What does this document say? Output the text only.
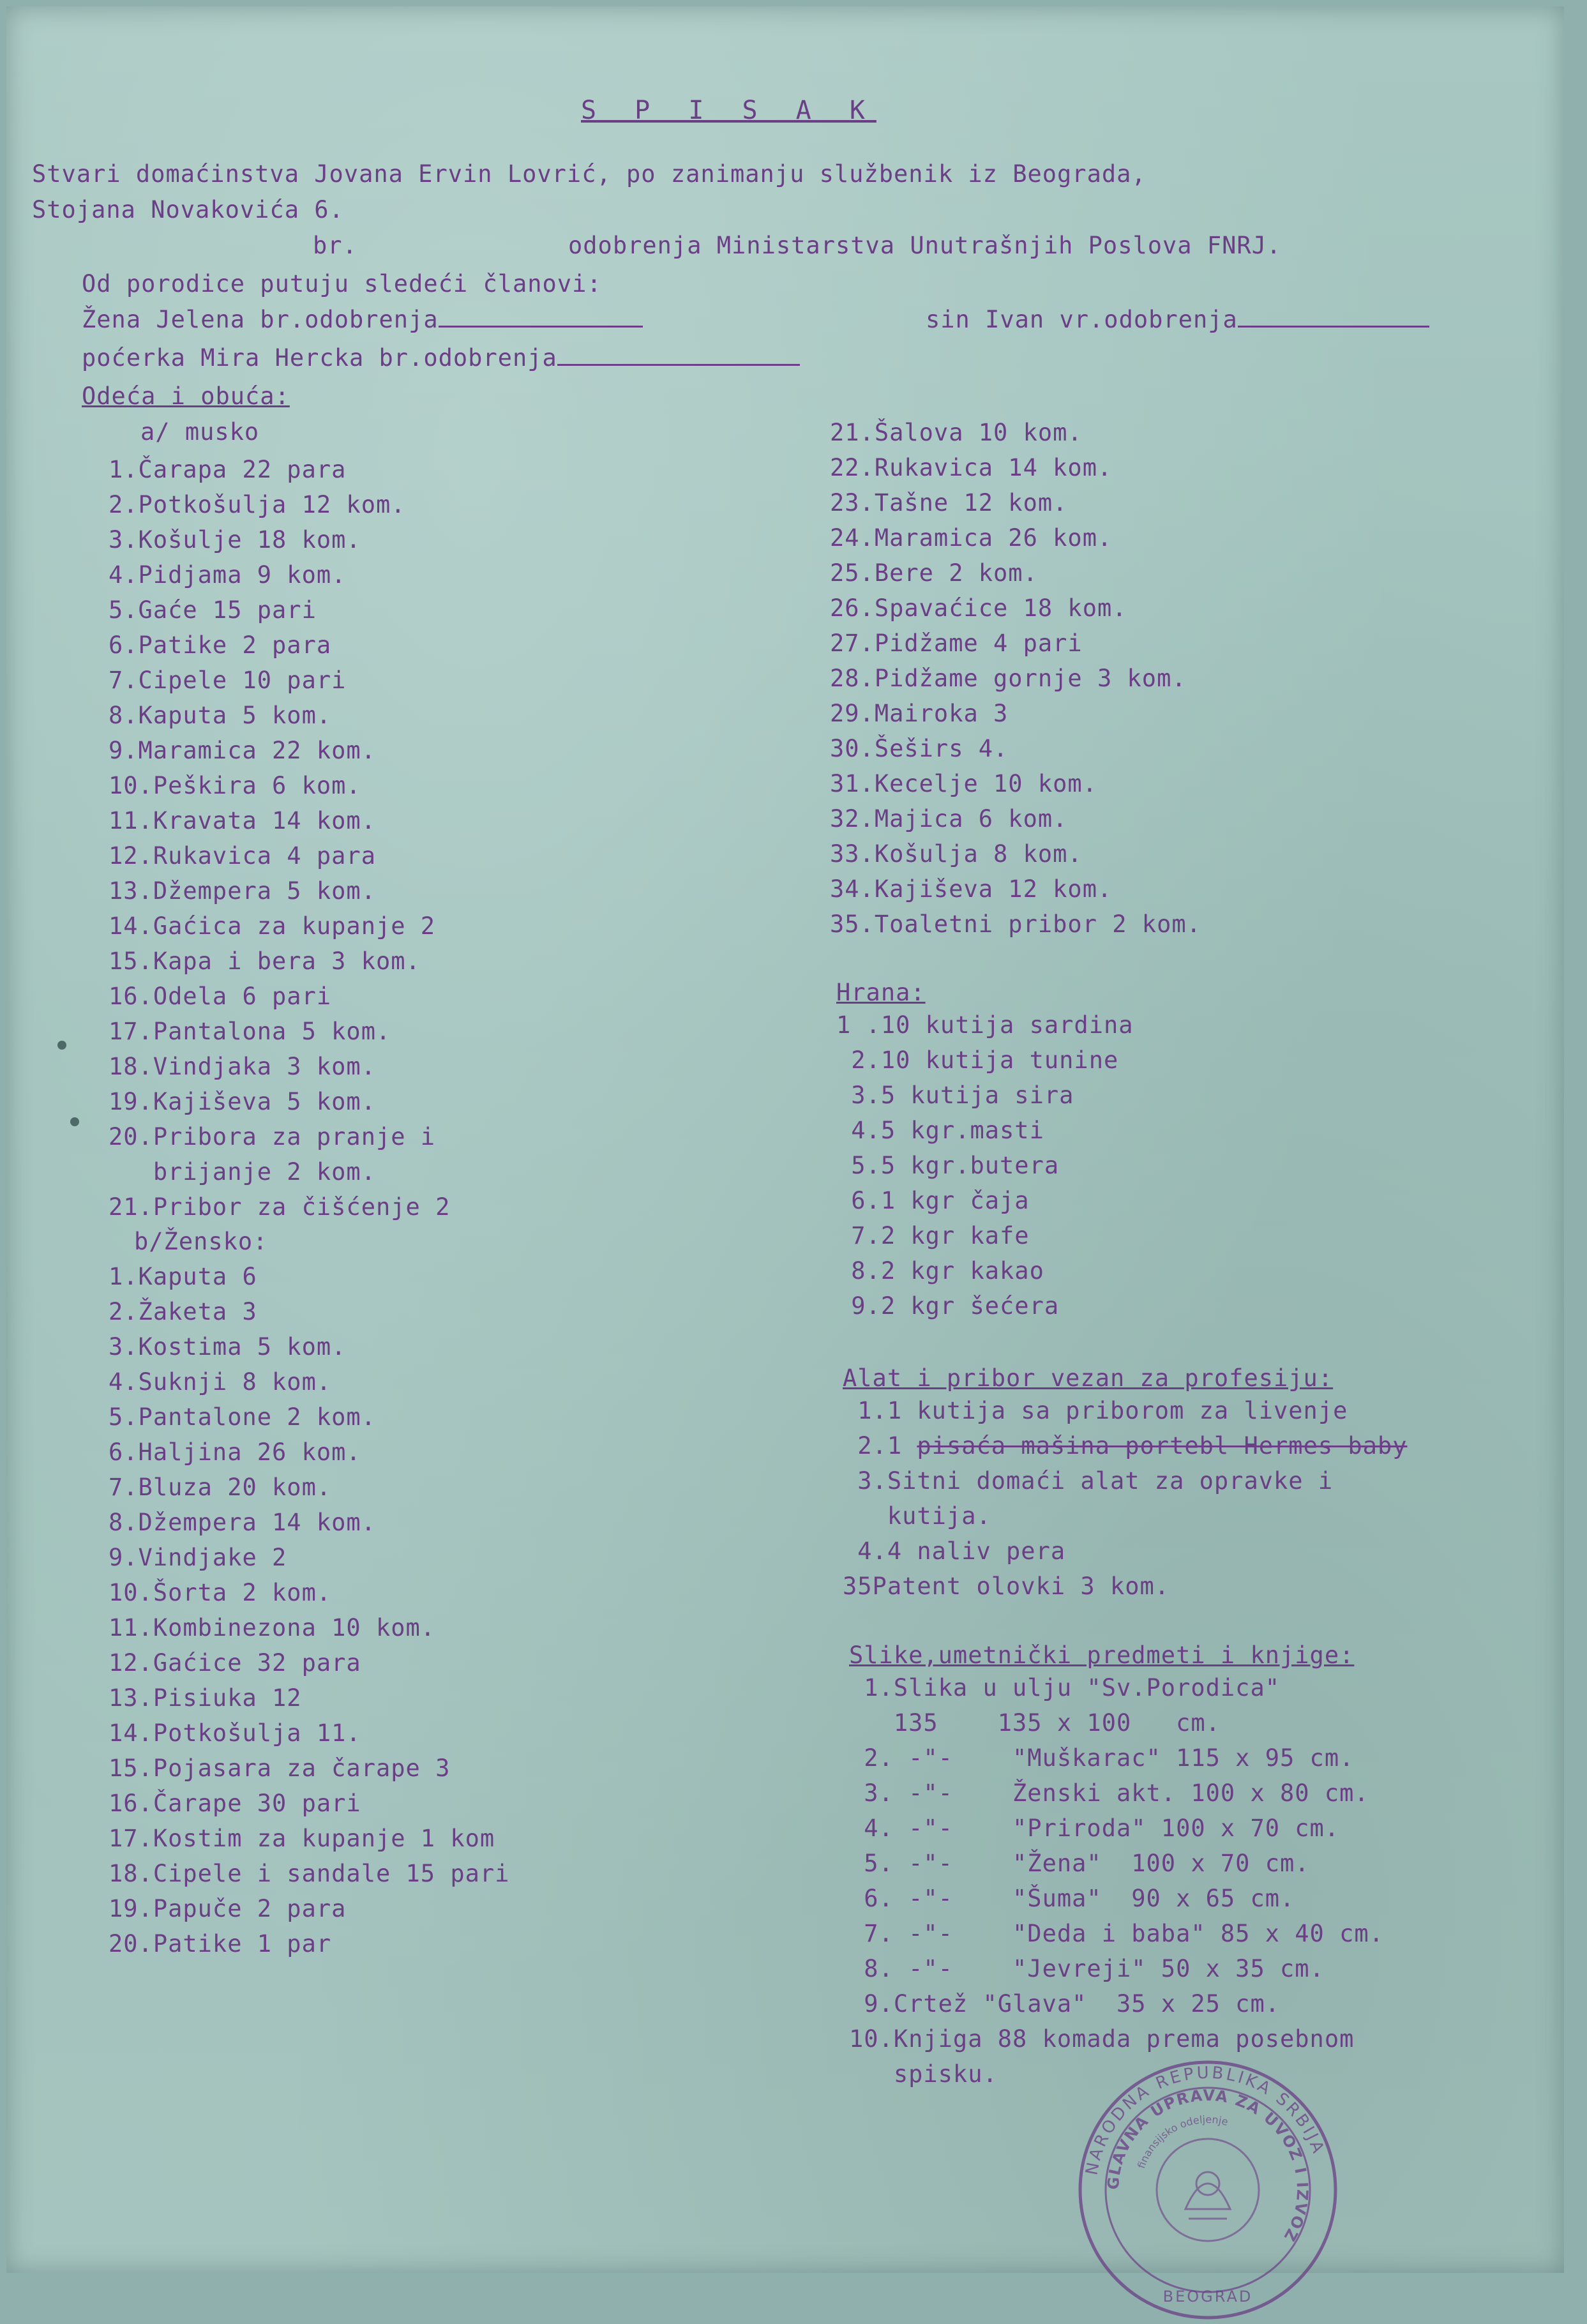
S P I S A K
Stvari domaćinstva Jovana Ervin Lovrić, po zanimanju službenik iz Beograda,
Stojana Novakovića 6.
br.	odobrenja Ministarstva Unutrašnjih Poslova FNRJ.
Od porodice putuju sledeći članovi:
Žena Jelena br.odobrenja	sin Ivan vr.odobrenja
poćerka Mira Hercka br.odobrenja
Odeća i obuća:
a/ musko
1.Čarapa 22 para
2.Potkošulja 12 kom.
3.Košulje 18 kom.
4.Pidjama 9 kom.
5.Gaće 15 pari
6.Patike 2 para
7.Cipele 10 pari
8.Kaputa 5 kom.
9.Maramica 22 kom.
10.Peškira 6 kom.
11.Kravata 14 kom.
12.Rukavica 4 para
13.Džempera 5 kom.
14.Gaćica za kupanje 2
15.Kapa i bera 3 kom.
16.Odela 6 pari
17.Pantalona 5 kom.
18.Vindjaka 3 kom.
19.Kajiševa 5 kom.
20.Pribora za pranje i
brijanje 2 kom.
21.Pribor za čišćenje 2
b/Žensko:
1.Kaputa 6
2.Žaketa 3
3.Kostima 5 kom.
4.Suknji 8 kom.
5.Pantalone 2 kom.
6.Haljina 26 kom.
7.Bluza 20 kom.
8.Džempera 14 kom.
9.Vindjake 2
10.Šorta 2 kom.
11.Kombinezona 10 kom.
12.Gaćice 32 para
13.Pisiuka 12
14.Potkošulja 11.
15.Pojasara za čarape 3
16.Čarape 30 pari
17.Kostim za kupanje 1 kom
18.Cipele i sandale 15 pari
19.Papuče 2 para
20.Patike 1 par
21.Šalova 10 kom.
22.Rukavica 14 kom.
23.Tašne 12 kom.
24.Maramica 26 kom.
25.Bere 2 kom.
26.Spavaćice 18 kom.
27.Pidžame 4 pari
28.Pidžame gornje 3 kom.
29.Mairoka 3
30.Šeširs 4.
31.Kecelje 10 kom.
32.Majica 6 kom.
33.Košulja 8 kom.
34.Kajiševa 12 kom.
35.Toaletni pribor 2 kom.
Hrana:
1 .10 kutija sardina
2.10 kutija tunine
3.5 kutija sira
4.5 kgr.masti
5.5 kgr.butera
6.1 kgr čaja
7.2 kgr kafe
8.2 kgr kakao
9.2 kgr šećera
Alat i pribor vezan za profesiju:
1.1 kutija sa priborom za livenje
2.1 pisaća mašina portebl Hermes baby
3.Sitni domaći alat za opravke i
kutija.
4.4 naliv pera
35Patent olovki 3 kom.
Slike,umetnički predmeti i knjige:
1.Slika u ulju "Sv.Porodica"
135    135 x 100   cm.
2. -"-    "Muškarac" 115 x 95 cm.
3. -"-    Ženski akt. 100 x 80 cm.
4. -"-    "Priroda" 100 x 70 cm.
5. -"-    "Žena"  100 x 70 cm.
6. -"-    "Šuma"  90 x 65 cm.
7. -"-    "Deda i baba" 85 x 40 cm.
8. -"-    "Jevreji" 50 x 35 cm.
9.Crtež "Glava"  35 x 25 cm.
10.Knjiga 88 komada prema posebnom
spisku.
NARODNA REPUBLIKA SRBIJA
GLAVNA UPRAVA ZA UVOZ I IZVOZ
finansijsko odeljenje
BEOGRAD
